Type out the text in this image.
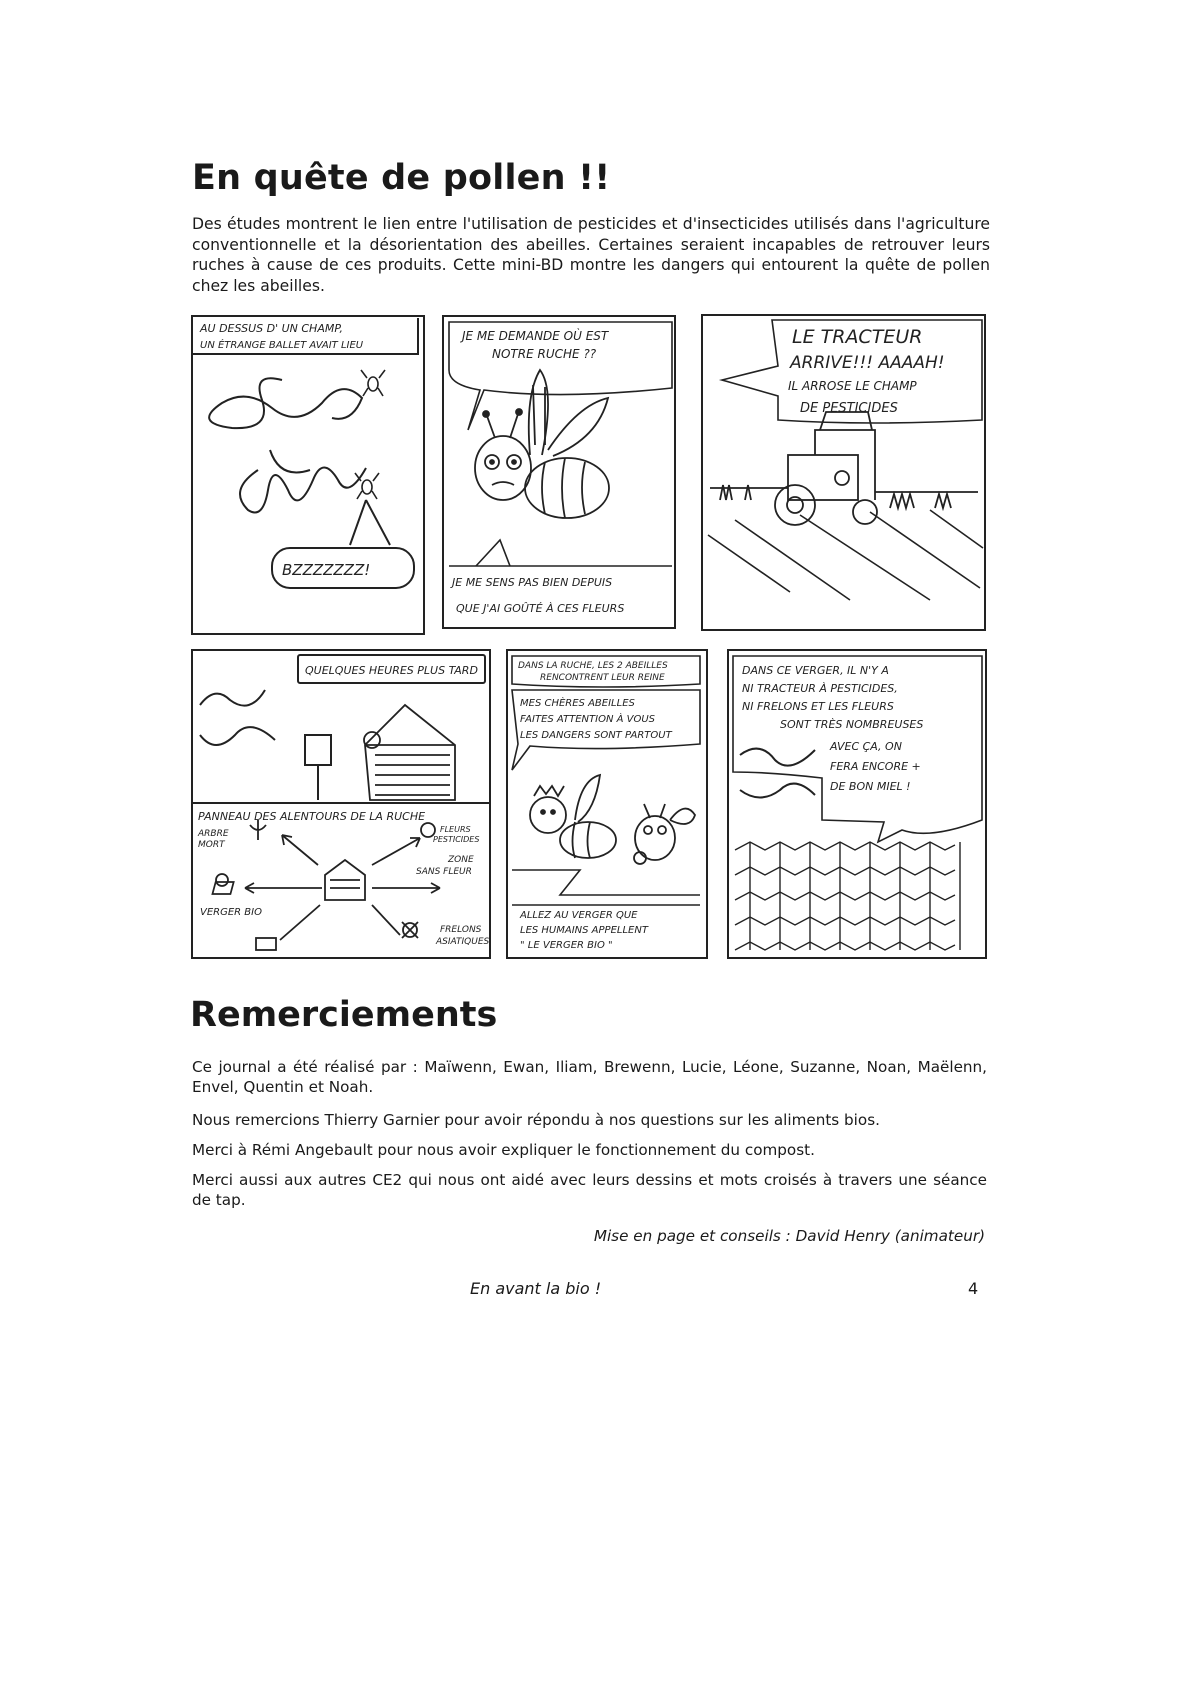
En quête de pollen !!

Des études montrent le lien entre l'utilisation de pesticides et d'insecticides utilisés dans l'agriculture conventionnelle et la désorientation des abeilles. Certaines seraient incapables de retrouver leurs ruches à cause de ces produits. Cette mini-BD montre les dangers qui entourent la quête de pollen chez les abeilles.

AU DESSUS D' UN CHAMP,
UN ÉTRANGE BALLET AVAIT LIEU
BZZZZZZZ!
JE ME DEMANDE OÙ EST
NOTRE RUCHE ??
JE ME SENS PAS BIEN DEPUIS
QUE J'AI GOÛTÉ À CES FLEURS
LE TRACTEUR
ARRIVE!!! AAAAH!
IL ARROSE LE CHAMP
DE PESTICIDES
QUELQUES HEURES PLUS TARD
PANNEAU DES ALENTOURS DE LA RUCHE
ARBRE
MORT
FLEURS
PESTICIDES
ZONE
SANS FLEUR
VERGER BIO
FRELONS
ASIATIQUES
DANS LA RUCHE, LES 2 ABEILLES
RENCONTRENT LEUR REINE
MES CHÈRES ABEILLES
FAITES ATTENTION À VOUS
LES DANGERS SONT PARTOUT
ALLEZ AU VERGER QUE
LES HUMAINS APPELLENT
" LE VERGER BIO "
DANS CE VERGER, IL N'Y A
NI TRACTEUR À PESTICIDES,
NI FRELONS ET LES FLEURS
SONT TRÈS NOMBREUSES
AVEC ÇA, ON
FERA ENCORE +
DE BON MIEL !
Remerciements

Ce journal a été réalisé par : Maïwenn, Ewan, Iliam, Brewenn, Lucie, Léone, Suzanne, Noan, Maëlenn, Envel, Quentin et Noah.

Nous remercions Thierry Garnier pour avoir répondu à nos questions sur les aliments bios.

Merci à Rémi Angebault pour nous avoir expliquer le fonctionnement du compost.

Merci aussi aux autres CE2 qui nous ont aidé avec leurs dessins et mots croisés à travers une séance de tap.

Mise en page et conseils : David Henry (animateur)
En avant la bio !	4
